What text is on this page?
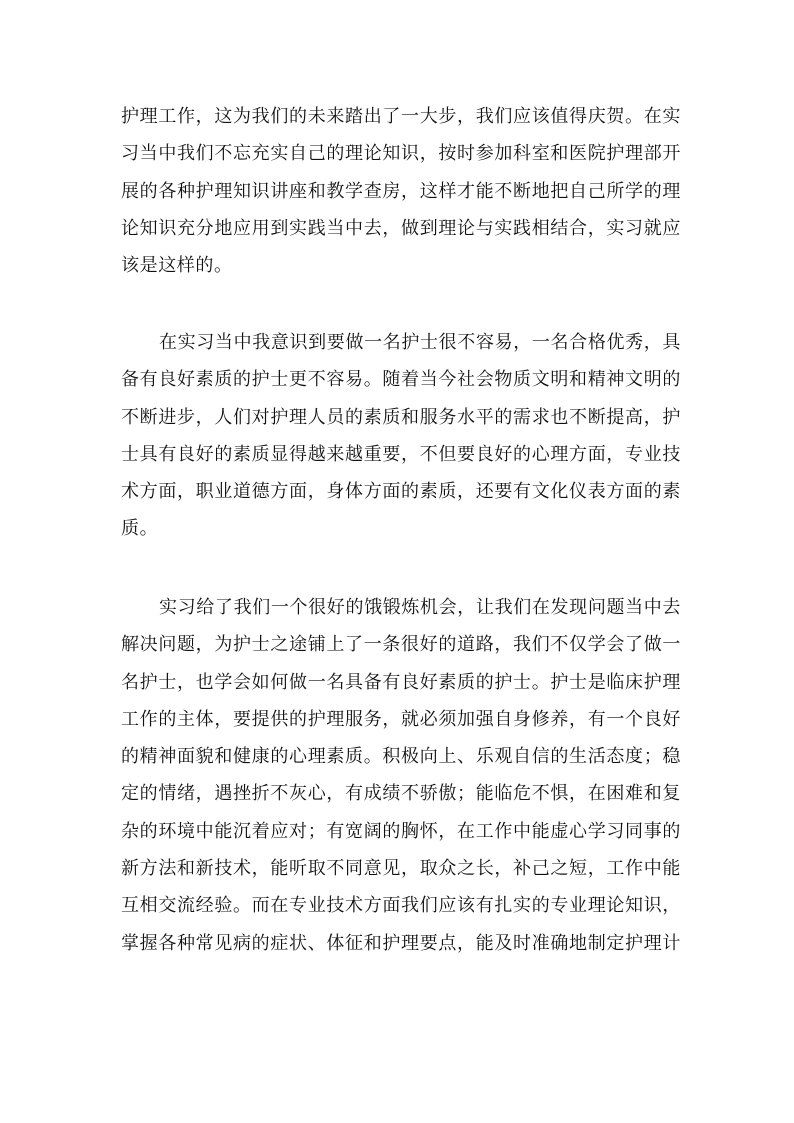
护理工作，这为我们的未来踏出了一大步，我们应该值得庆贺。在实
习当中我们不忘充实自己的理论知识，按时参加科室和医院护理部开
展的各种护理知识讲座和教学查房，这样才能不断地把自己所学的理
论知识充分地应用到实践当中去，做到理论与实践相结合，实习就应
该是这样的。

在实习当中我意识到要做一名护士很不容易，一名合格优秀，具
备有良好素质的护士更不容易。随着当今社会物质文明和精神文明的
不断进步，人们对护理人员的素质和服务水平的需求也不断提高，护
士具有良好的素质显得越来越重要，不但要良好的心理方面，专业技
术方面，职业道德方面，身体方面的素质，还要有文化仪表方面的素
质。

实习给了我们一个很好的饿锻炼机会，让我们在发现问题当中去
解决问题，为护士之途铺上了一条很好的道路，我们不仅学会了做一
名护士，也学会如何做一名具备有良好素质的护士。护士是临床护理
工作的主体，要提供的护理服务，就必须加强自身修养，有一个良好
的精神面貌和健康的心理素质。积极向上、乐观自信的生活态度；稳
定的情绪，遇挫折不灰心，有成绩不骄傲；能临危不惧，在困难和复
杂的环境中能沉着应对；有宽阔的胸怀，在工作中能虚心学习同事的
新方法和新技术，能听取不同意见，取众之长，补己之短，工作中能
互相交流经验。而在专业技术方面我们应该有扎实的专业理论知识，
掌握各种常见病的症状、体征和护理要点，能及时准确地制定护理计
